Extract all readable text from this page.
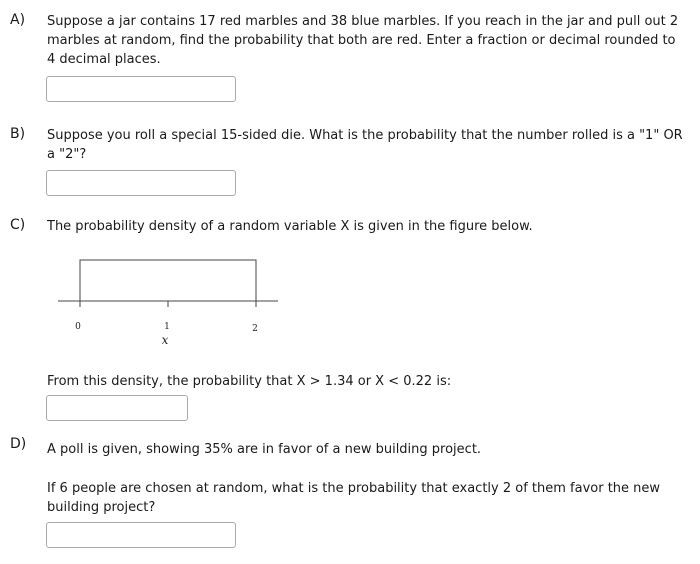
A) Suppose a jar contains 17 red marbles and 38 blue marbles. If you reach in the jar and pull out 2 marbles at random, find the probability that both are red. Enter a fraction or decimal rounded to 4 decimal places.
B) Suppose you roll a special 15-sided die. What is the probability that the number rolled is a "1" OR a "2"?
C) The probability density of a random variable X is given in the figure below.
0	1	2
x
From this density, the probability that X > 1.34 or X < 0.22 is:
D) A poll is given, showing 35% are in favor of a new building project.
If 6 people are chosen at random, what is the probability that exactly 2 of them favor the new building project?
